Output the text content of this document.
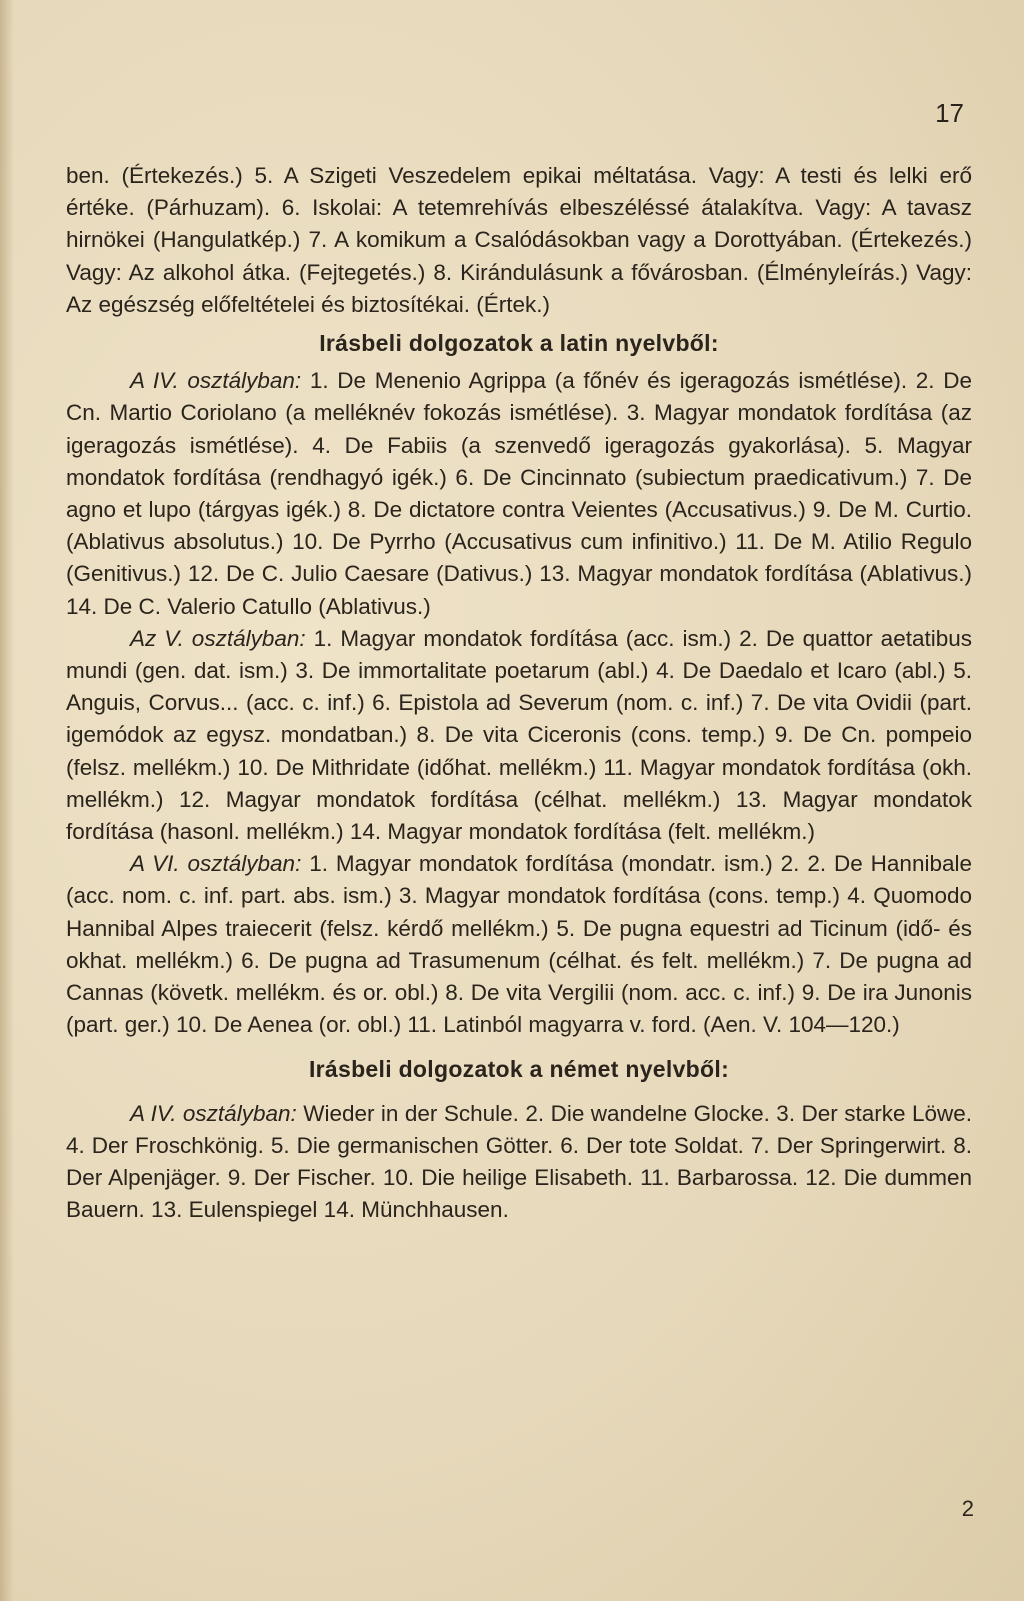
17

ben. (Értekezés.) 5. A Szigeti Veszedelem epikai méltatása. Vagy: A testi és lelki erő értéke. (Párhuzam). 6. Iskolai: A tetemrehívás elbeszéléssé átalakítva. Vagy: A tavasz hirnökei (Hangulatkép.) 7. A komikum a Csalódásokban vagy a Dorottyában. (Értekezés.) Vagy: Az alkohol átka. (Fejtegetés.) 8. Kirándulásunk a fővárosban. (Élményleírás.) Vagy: Az egészség előfeltételei és biztosítékai. (Értek.)

Irásbeli dolgozatok a latin nyelvből:

A IV. osztályban: 1. De Menenio Agrippa (a főnév és igeragozás ismétlése). 2. De Cn. Martio Coriolano (a melléknév fokozás ismétlése). 3. Magyar mondatok fordítása (az igeragozás ismétlése). 4. De Fabiis (a szenvedő igeragozás gyakorlása). 5. Magyar mondatok fordítása (rendhagyó igék.) 6. De Cincinnato (subiectum praedicativum.) 7. De agno et lupo (tárgyas igék.) 8. De dictatore contra Veientes (Accusativus.) 9. De M. Curtio. (Ablativus absolutus.) 10. De Pyrrho (Accusativus cum infinitivo.) 11. De M. Atilio Regulo (Genitivus.) 12. De C. Julio Caesare (Dativus.) 13. Magyar mondatok fordítása (Ablativus.) 14. De C. Valerio Catullo (Ablativus.)

Az V. osztályban: 1. Magyar mondatok fordítása (acc. ism.) 2. De quattor aetatibus mundi (gen. dat. ism.) 3. De immortalitate poetarum (abl.) 4. De Daedalo et Icaro (abl.) 5. Anguis, Corvus... (acc. c. inf.) 6. Epistola ad Severum (nom. c. inf.) 7. De vita Ovidii (part. igemódok az egysz. mondatban.) 8. De vita Ciceronis (cons. temp.) 9. De Cn. pompeio (felsz. mellékm.) 10. De Mithridate (időhat. mellékm.) 11. Magyar mondatok fordítása (okh. mellékm.) 12. Magyar mondatok fordítása (célhat. mellékm.) 13. Magyar mondatok fordítása (hasonl. mellékm.) 14. Magyar mondatok fordítása (felt. mellékm.)

A VI. osztályban: 1. Magyar mondatok fordítása (mondatr. ism.) 2. 2. De Hannibale (acc. nom. c. inf. part. abs. ism.) 3. Magyar mondatok fordítása (cons. temp.) 4. Quomodo Hannibal Alpes traiecerit (felsz. kérdő mellékm.) 5. De pugna equestri ad Ticinum (idő- és okhat. mellékm.) 6. De pugna ad Trasumenum (célhat. és felt. mellékm.) 7. De pugna ad Cannas (követk. mellékm. és or. obl.) 8. De vita Vergilii (nom. acc. c. inf.) 9. De ira Junonis (part. ger.) 10. De Aenea (or. obl.) 11. Latinból magyarra v. ford. (Aen. V. 104—120.)

Irásbeli dolgozatok a német nyelvből:

A IV. osztályban: Wieder in der Schule. 2. Die wandelne Glocke. 3. Der starke Löwe. 4. Der Froschkönig. 5. Die germanischen Götter. 6. Der tote Soldat. 7. Der Springerwirt. 8. Der Alpenjäger. 9. Der Fischer. 10. Die heilige Elisabeth. 11. Barbarossa. 12. Die dummen Bauern. 13. Eulenspiegel 14. Münchhausen.

2
